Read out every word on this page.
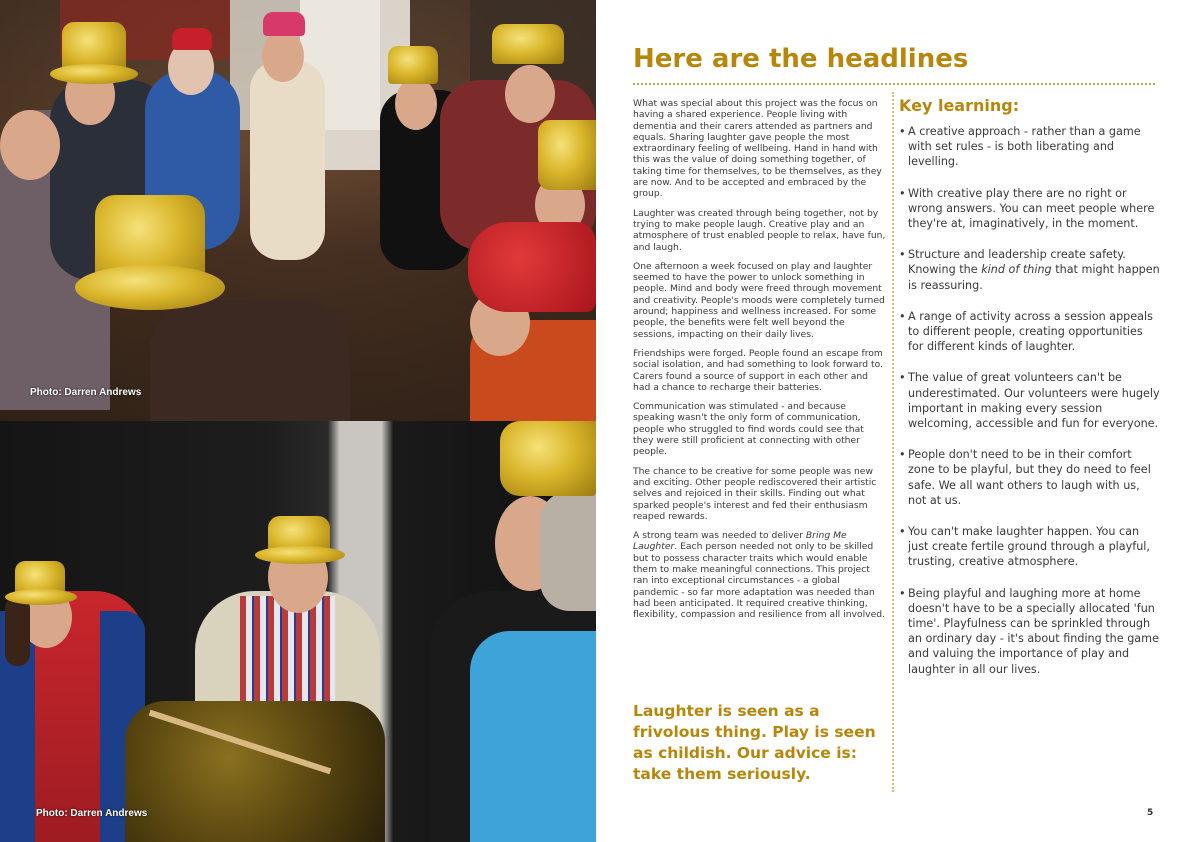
Photo: Darren Andrews
Photo: Darren Andrews
Here are the headlines

What was special about this project was the focus on having a shared experience. People living with dementia and their carers attended as partners and equals. Sharing laughter gave people the most extraordinary feeling of wellbeing. Hand in hand with this was the value of doing something together, of taking time for themselves, to be themselves, as they are now. And to be accepted and embraced by the group.

Laughter was created through being together, not by trying to make people laugh. Creative play and an atmosphere of trust enabled people to relax, have fun, and laugh.

One afternoon a week focused on play and laughter seemed to have the power to unlock something in people. Mind and body were freed through movement and creativity. People's moods were completely turned around; happiness and wellness increased. For some people, the benefits were felt well beyond the sessions, impacting on their daily lives.

Friendships were forged. People found an escape from social isolation, and had something to look forward to. Carers found a source of support in each other and had a chance to recharge their batteries.

Communication was stimulated - and because speaking wasn't the only form of communication, people who struggled to find words could see that they were still proficient at connecting with other people.

The chance to be creative for some people was new and exciting. Other people rediscovered their artistic selves and rejoiced in their skills. Finding out what sparked people's interest and fed their enthusiasm reaped rewards.

A strong team was needed to deliver Bring Me Laughter. Each person needed not only to be skilled but to possess character traits which would enable them to make meaningful connections. This project ran into exceptional circumstances - a global pandemic - so far more adaptation was needed than had been anticipated. It required creative thinking, flexibility, compassion and resilience from all involved.

Laughter is seen as a frivolous thing. Play is seen as childish. Our advice is: take them seriously.

Key learning:
• A creative approach - rather than a game with set rules - is both liberating and levelling.
• With creative play there are no right or wrong answers. You can meet people where they're at, imaginatively, in the moment.
• Structure and leadership create safety. Knowing the kind of thing that might happen is reassuring.
• A range of activity across a session appeals to different people, creating opportunities for different kinds of laughter.
• The value of great volunteers can't be underestimated. Our volunteers were hugely important in making every session welcoming, accessible and fun for everyone.
• People don't need to be in their comfort zone to be playful, but they do need to feel safe. We all want others to laugh with us, not at us.
• You can't make laughter happen. You can just create fertile ground through a playful, trusting, creative atmosphere.
• Being playful and laughing more at home doesn't have to be a specially allocated 'fun time'. Playfulness can be sprinkled through an ordinary day - it's about finding the game and valuing the importance of play and laughter in all our lives.
5
